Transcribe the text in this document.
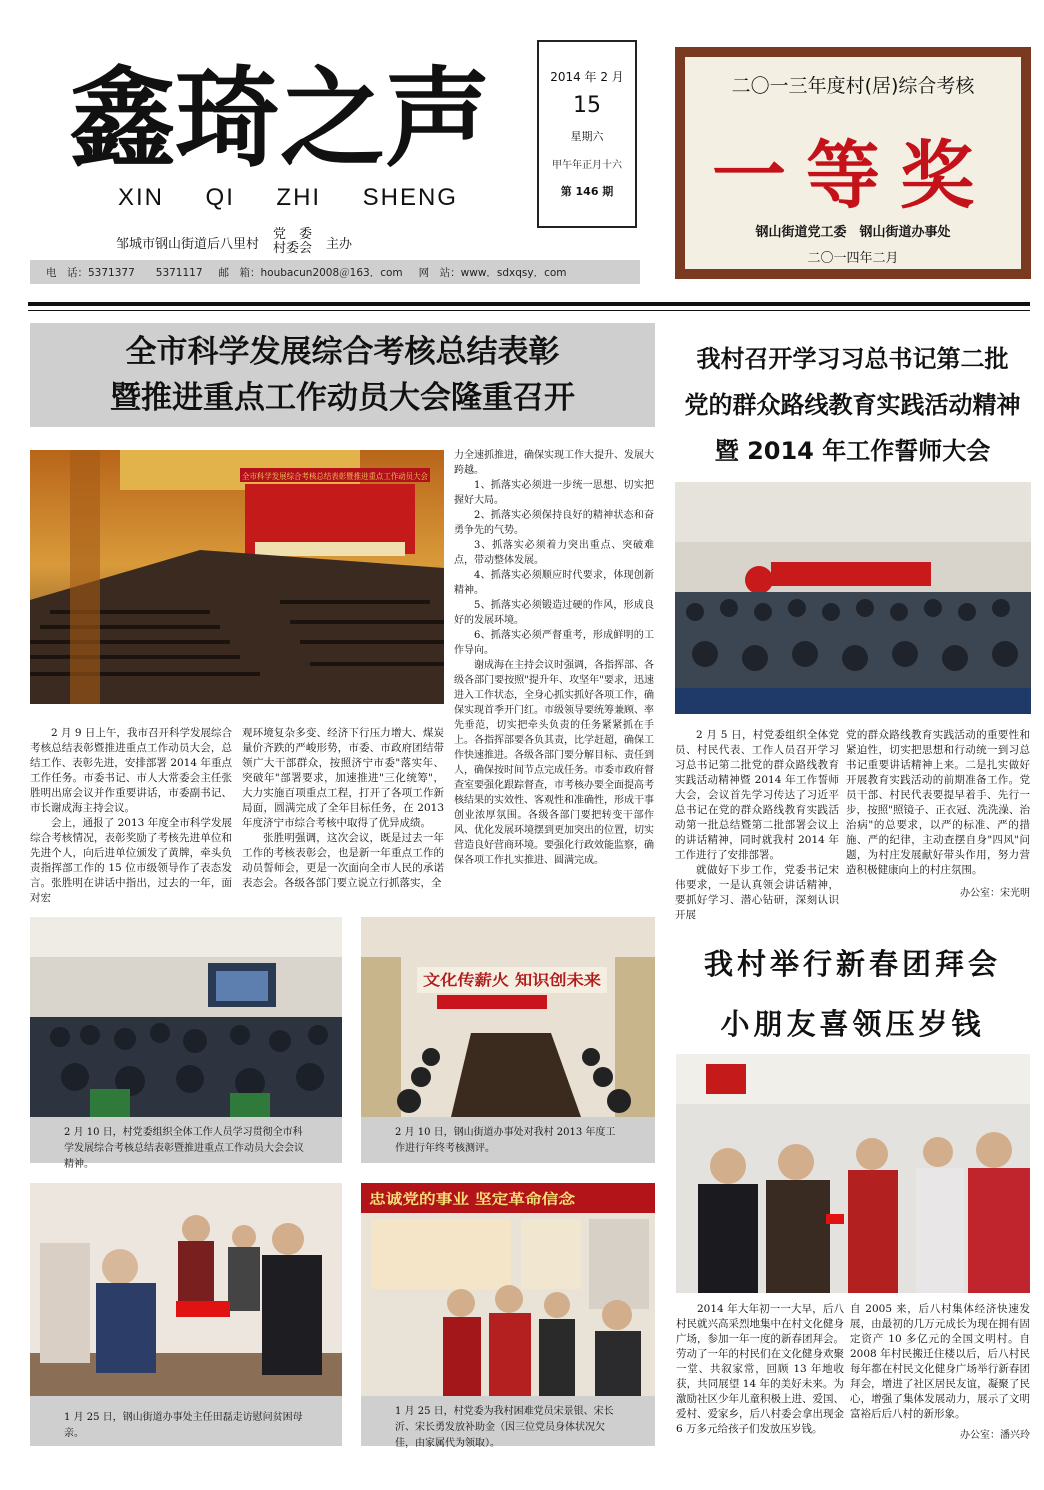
鑫琦之声
XIN QI ZHI SHENG
邹城市钢山街道后八里村
党　委
村委会 主办
电　话：5371377　　5371117 邮　箱：houbacun2008＠163．com 网　站：www．sdxqsy．com
2014 年 2 月
15
星期六
甲午年正月十六
第 146 期
二〇一三年度村(居)综合考核
一等奖
钢山街道党工委　钢山街道办事处
二〇一四年二月
全市科学发展综合考核总结表彰
暨推进重点工作动员大会隆重召开
全市科学发展综合考核总结表彰暨推进重点工作动员大会

2 月 9 日上午，我市召开科学发展综合考核总结表彰暨推进重点工作动员大会，总结工作、表彰先进，安排部署 2014 年重点工作任务。市委书记、市人大常委会主任张胜明出席会议并作重要讲话，市委副书记、市长谢成海主持会议。

会上，通报了 2013 年度全市科学发展综合考核情况，表彰奖励了考核先进单位和先进个人，向后进单位颁发了黄牌，牵头负责指挥部工作的 15 位市级领导作了表态发言。张胜明在讲话中指出，过去的一年，面对宏

观环境复杂多变、经济下行压力增大、煤炭量价齐跌的严峻形势，市委、市政府团结带领广大干部群众，按照济宁市委"落实年、突破年"部署要求，加速推进"三化统筹"，大力实施百项重点工程，打开了各项工作新局面，圆满完成了全年目标任务，在 2013 年度济宁市综合考核中取得了优异成绩。

张胜明强调，这次会议，既是过去一年工作的考核表彰会，也是新一年重点工作的动员誓师会，更是一次面向全市人民的承诺表态会。各级各部门要立说立行抓落实，全

力全速抓推进，确保实现工作大提升、发展大跨越。

1、抓落实必须进一步统一思想、切实把握好大局。

2、抓落实必须保持良好的精神状态和奋勇争先的气势。

3、抓落实必须着力突出重点、突破难点，带动整体发展。

4、抓落实必须顺应时代要求，体现创新精神。

5、抓落实必须锻造过硬的作风，形成良好的发展环境。

6、抓落实必须严督重考，形成鲜明的工作导向。

谢成海在主持会议时强调，各指挥部、各级各部门要按照"提升年、攻坚年"要求，迅速进入工作状态，全身心抓实抓好各项工作，确保实现首季开门红。市级领导要统筹兼顾、率先垂范，切实把牵头负责的任务紧紧抓在手上。各指挥部要各负其责，比学赶超，确保工作快速推进。各级各部门要分解目标、责任到人，确保按时间节点完成任务。市委市政府督查室要强化跟踪督查，市考核办要全面提高考核结果的实效性、客观性和准确性，形成干事创业浓厚氛围。各级各部门要把转变干部作风、优化发展环境摆到更加突出的位置，切实营造良好营商环境。要强化行政效能监察，确保各项工作扎实推进、圆满完成。

2 月 10 日，村党委组织全体工作人员学习贯彻全市科学发展综合考核总结表彰暨推进重点工作动员大会会议精神。
文化传薪火 知识创未来
2 月 10 日，钢山街道办事处对我村 2013 年度工作进行年终考核测评。
1 月 25 日，钢山街道办事处主任田磊走访慰问贫困母亲。
忠诚党的事业 坚定革命信念
1 月 25 日，村党委为我村困难党员宋景银、宋长沂、宋长勇发放补助金（因三位党员身体状况欠佳，由家属代为领取）。
我村召开学习习总书记第二批
党的群众路线教育实践活动精神
暨 2014 年工作誓师大会

2 月 5 日，村党委组织全体党员、村民代表、工作人员召开学习习总书记第二批党的群众路线教育实践活动精神暨 2014 年工作誓师大会，会议首先学习传达了习近平总书记在党的群众路线教育实践活动第一批总结暨第二批部署会议上的讲话精神，同时就我村 2014 年工作进行了安排部署。

就做好下步工作，党委书记宋伟要求，一是认真领会讲话精神，要抓好学习、潜心钻研，深刻认识开展

党的群众路线教育实践活动的重要性和紧迫性，切实把思想和行动统一到习总书记重要讲话精神上来。二是扎实做好开展教育实践活动的前期准备工作。党员干部、村民代表要提早着手、先行一步，按照"照镜子、正衣冠、洗洗澡、治治病"的总要求，以严的标准、严的措施、严的纪律，主动查摆自身"四风"问题，为村庄发展献好带头作用，努力营造积极健康向上的村庄氛围。

办公室：宋光明
我村举行新春团拜会
小朋友喜领压岁钱

2014 年大年初一一大早，后八村民就兴高采烈地集中在村文化健身广场，参加一年一度的新春团拜会。劳动了一年的村民们在文化健身欢聚一堂、共叙家常，回顾 13 年地收获，共同展望 14 年的美好未来。为激励社区少年儿童积极上进、爱国、爱村、爱家乡，后八村委会拿出现金 6 万多元给孩子们发放压岁钱。

自 2005 来，后八村集体经济快速发展，由最初的几万元成长为现在拥有固定资产 10 多亿元的全国文明村。自 2008 年村民搬迁住楼以后，后八村民每年都在村民文化健身广场举行新春团拜会，增进了社区居民友谊，凝聚了民心，增强了集体发展动力，展示了文明富裕后后八村的新形象。

办公室：潘兴玲
